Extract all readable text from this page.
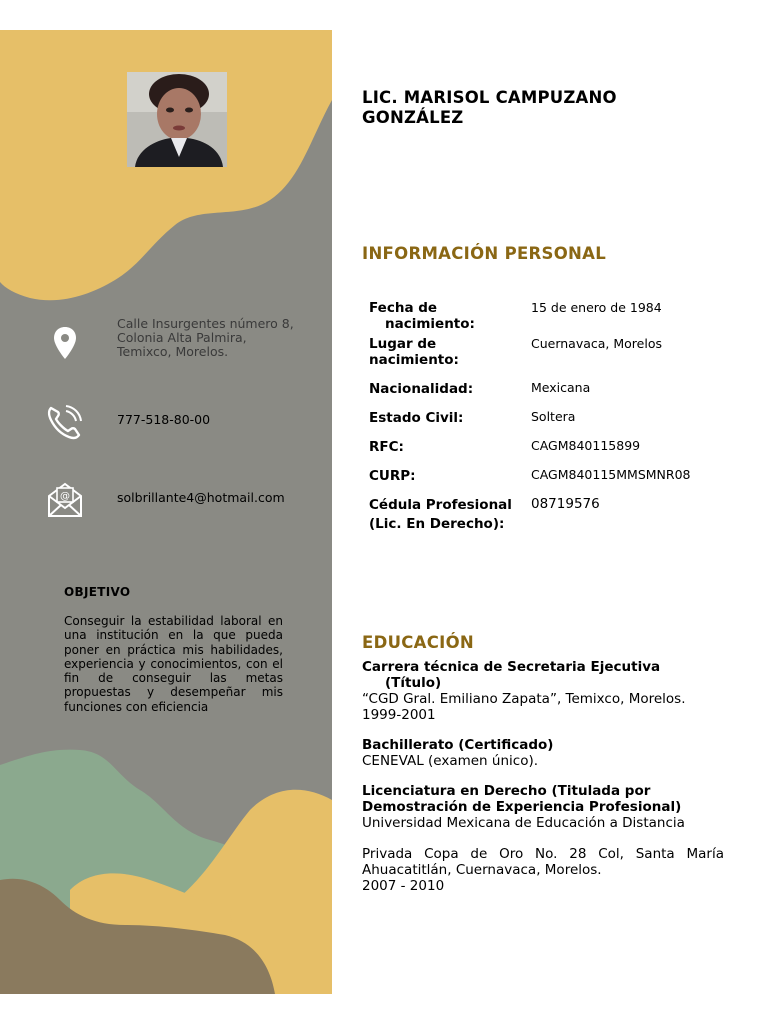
Calle Insurgentes número 8,
Colonia Alta Palmira,
Temixco, Morelos.
777-518-80-00
@	solbrillante4@hotmail.com
OBJETIVO
Conseguir la estabilidad laboral en una institución en la que pueda poner en práctica mis habilidades, experiencia y conocimientos, con el fin de conseguir las metas propuestas y desempeñar mis funciones con eficiencia
LIC. MARISOL CAMPUZANO
GONZÁLEZ
INFORMACIÓN PERSONAL
Fecha de
nacimiento:
15 de enero de 1984
Lugar de
nacimiento:
Cuernavaca, Morelos
Nacionalidad:	Mexicana
Estado Civil:	Soltera
RFC:	CAGM840115899
CURP:	CAGM840115MMSMNR08
Cédula Profesional
(Lic. En Derecho):
08719576
EDUCACIÓN
Carrera técnica de Secretaria Ejecutiva
(Título)
“CGD Gral. Emiliano Zapata”, Temixco, Morelos.
1999-2001
Bachillerato (Certificado)
CENEVAL (examen único).
Licenciatura en Derecho (Titulada por
Demostración de Experiencia Profesional)
Universidad Mexicana de Educación a Distancia
Privada Copa de Oro No. 28 Col, Santa María
Ahuacatitlán, Cuernavaca, Morelos.
2007 - 2010
